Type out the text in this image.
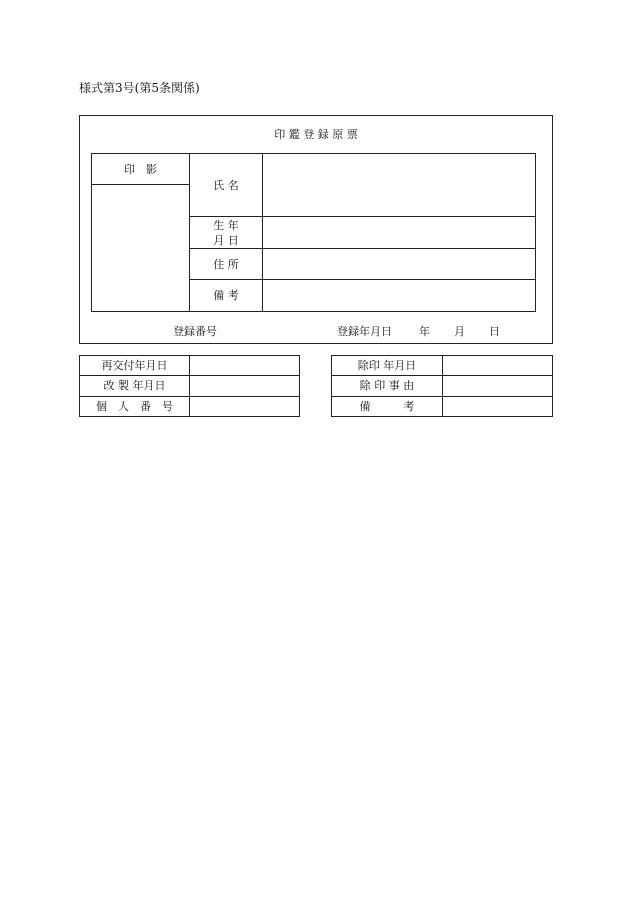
様式第3号(第5条関係)
印 鑑 登 録 原 票
印　影
氏 名
生 年
月 日
住 所
備 考
登録番号	登録年月日 年 月 日
再交付年月日
改 製 年月日
個　人　番　号
除印 年月日
除 印 事 由
備　　　考
